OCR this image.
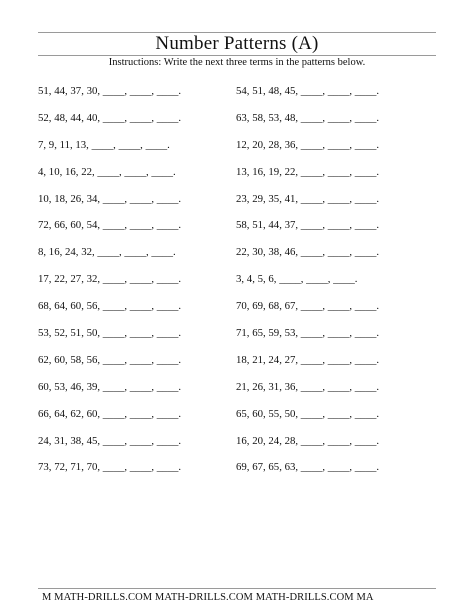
Number Patterns (A)
Instructions: Write the next three terms in the patterns below.
51, 44, 37, 30, ____, ____, ____.	54, 51, 48, 45, ____, ____, ____.
52, 48, 44, 40, ____, ____, ____.	63, 58, 53, 48, ____, ____, ____.
7, 9, 11, 13, ____, ____, ____.	12, 20, 28, 36, ____, ____, ____.
4, 10, 16, 22, ____, ____, ____.	13, 16, 19, 22, ____, ____, ____.
10, 18, 26, 34, ____, ____, ____.	23, 29, 35, 41, ____, ____, ____.
72, 66, 60, 54, ____, ____, ____.	58, 51, 44, 37, ____, ____, ____.
8, 16, 24, 32, ____, ____, ____.	22, 30, 38, 46, ____, ____, ____.
17, 22, 27, 32, ____, ____, ____.	3, 4, 5, 6, ____, ____, ____.
68, 64, 60, 56, ____, ____, ____.	70, 69, 68, 67, ____, ____, ____.
53, 52, 51, 50, ____, ____, ____.	71, 65, 59, 53, ____, ____, ____.
62, 60, 58, 56, ____, ____, ____.	18, 21, 24, 27, ____, ____, ____.
60, 53, 46, 39, ____, ____, ____.	21, 26, 31, 36, ____, ____, ____.
66, 64, 62, 60, ____, ____, ____.	65, 60, 55, 50, ____, ____, ____.
24, 31, 38, 45, ____, ____, ____.	16, 20, 24, 28, ____, ____, ____.
73, 72, 71, 70, ____, ____, ____.	69, 67, 65, 63, ____, ____, ____.
M MATH-DRILLS.COM MATH-DRILLS.COM MATH-DRILLS.COM MA
